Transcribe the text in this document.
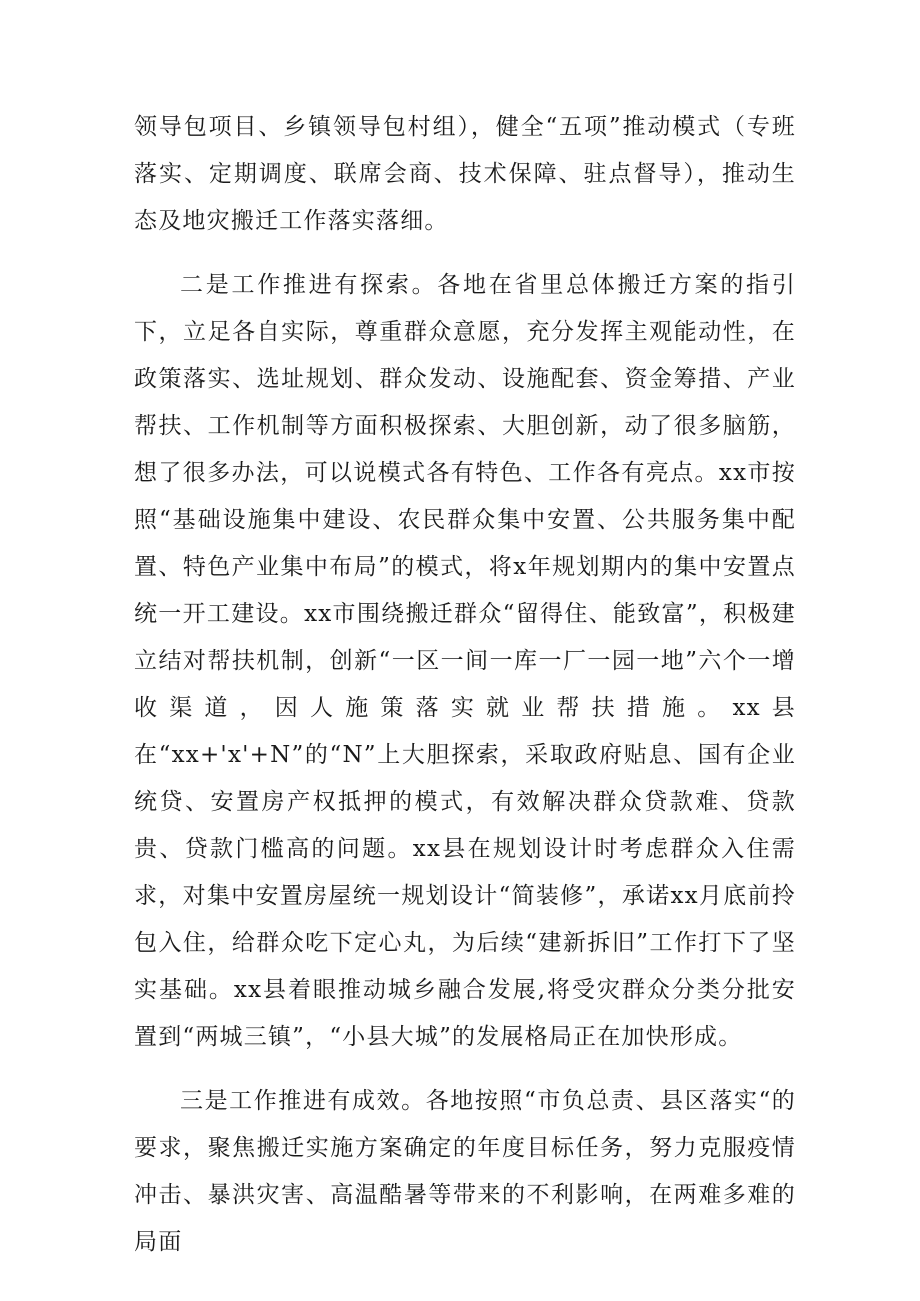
领导包项目、乡镇领导包村组），健全“五项”推动模式（专班落实、定期调度、联席会商、技术保障、驻点督导），推动生态及地灾搬迁工作落实落细。

二是工作推进有探索。各地在省里总体搬迁方案的指引下，立足各自实际，尊重群众意愿，充分发挥主观能动性，在政策落实、选址规划、群众发动、设施配套、资金筹措、产业帮扶、工作机制等方面积极探索、大胆创新，动了很多脑筋，想了很多办法，可以说模式各有特色、工作各有亮点。xx市按照“基础设施集中建设、农民群众集中安置、公共服务集中配置、特色产业集中布局”的模式，将x年规划期内的集中安置点统一开工建设。xx市围绕搬迁群众“留得住、能致富”，积极建立结对帮扶机制，创新“一区一间一库一厂一园一地”六个一增收渠道，因人施策落实就业帮扶措施。xx县在“xx+'x'+N”的“N”上大胆探索，采取政府贴息、国有企业统贷、安置房产权抵押的模式，有效解决群众贷款难、贷款贵、贷款门槛高的问题。xx县在规划设计时考虑群众入住需求，对集中安置房屋统一规划设计“简装修”，承诺xx月底前拎包入住，给群众吃下定心丸，为后续“建新拆旧”工作打下了坚实基础。xx县着眼推动城乡融合发展,将受灾群众分类分批安置到“两城三镇”，“小县大城”的发展格局正在加快形成。

三是工作推进有成效。各地按照“市负总责、县区落实“的要求，聚焦搬迁实施方案确定的年度目标任务，努力克服疫情冲击、暴洪灾害、高温酷暑等带来的不利影响，在两难多难的局面
